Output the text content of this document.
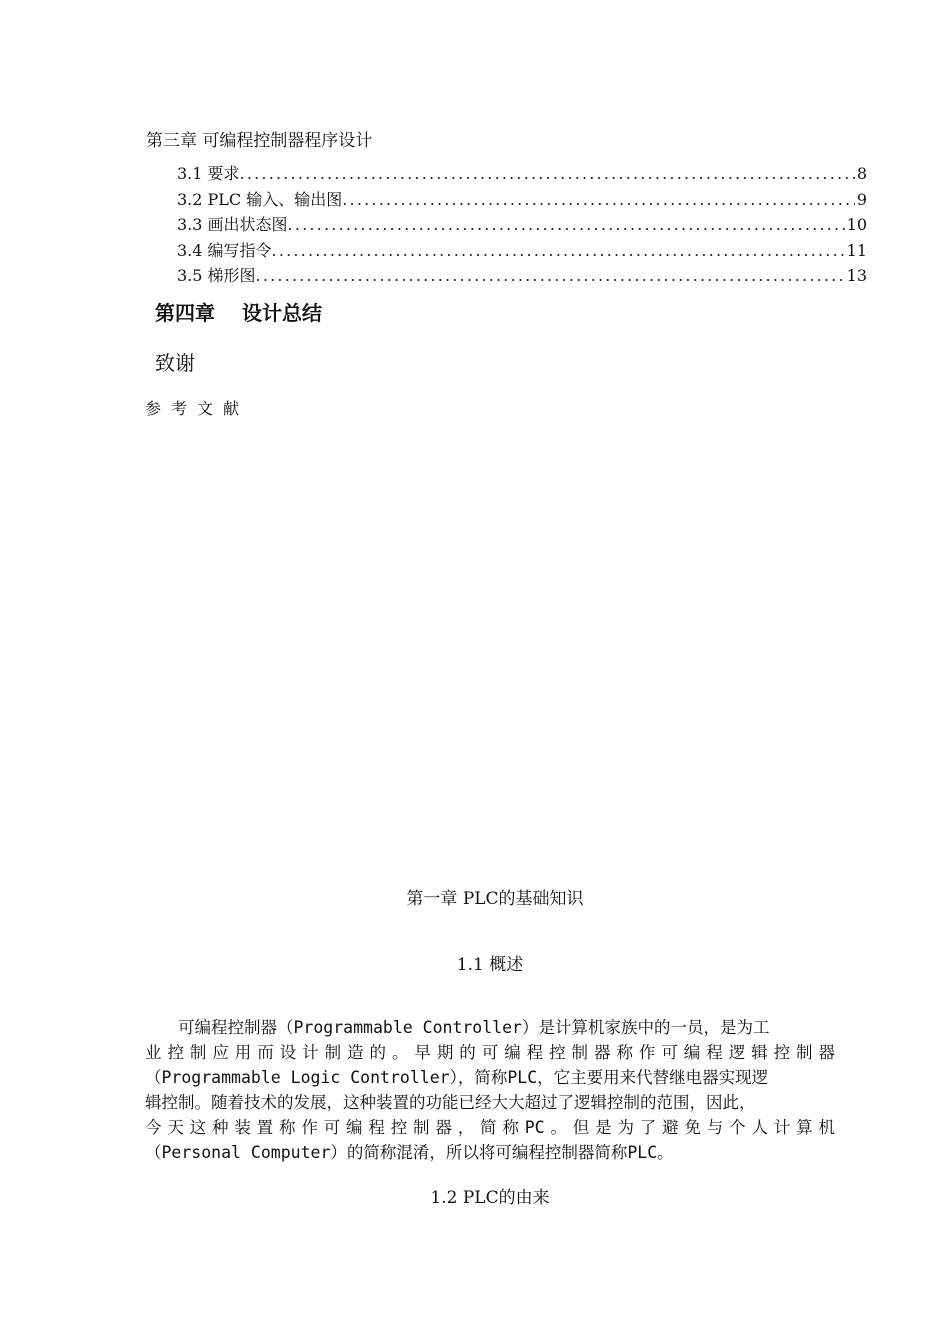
第三章 可编程控制器程序设计
3.1 要求 .....	8
3.2 PLC 输入、输出图 .....	9
3.3 画出状态图 .....	10
3.4 编写指令 .....	11
3.5 梯形图 .....	13
第四章 设计总结
致谢
参考文献
第一章 PLC的基础知识
1.1 概述
　　可编程控制器（Programmable Controller）是计算机家族中的一员，是为工
业控制应用而设计制造的。早期的可编程控制器称作可编程逻辑控制器
（Programmable Logic Controller），简称PLC，它主要用来代替继电器实现逻
辑控制。随着技术的发展，这种装置的功能已经大大超过了逻辑控制的范围，因此，
今天这种装置称作可编程控制器，简称PC。但是为了避免与个人计算机
（Personal Computer）的简称混淆，所以将可编程控制器简称PLC。
1.2 PLC的由来
